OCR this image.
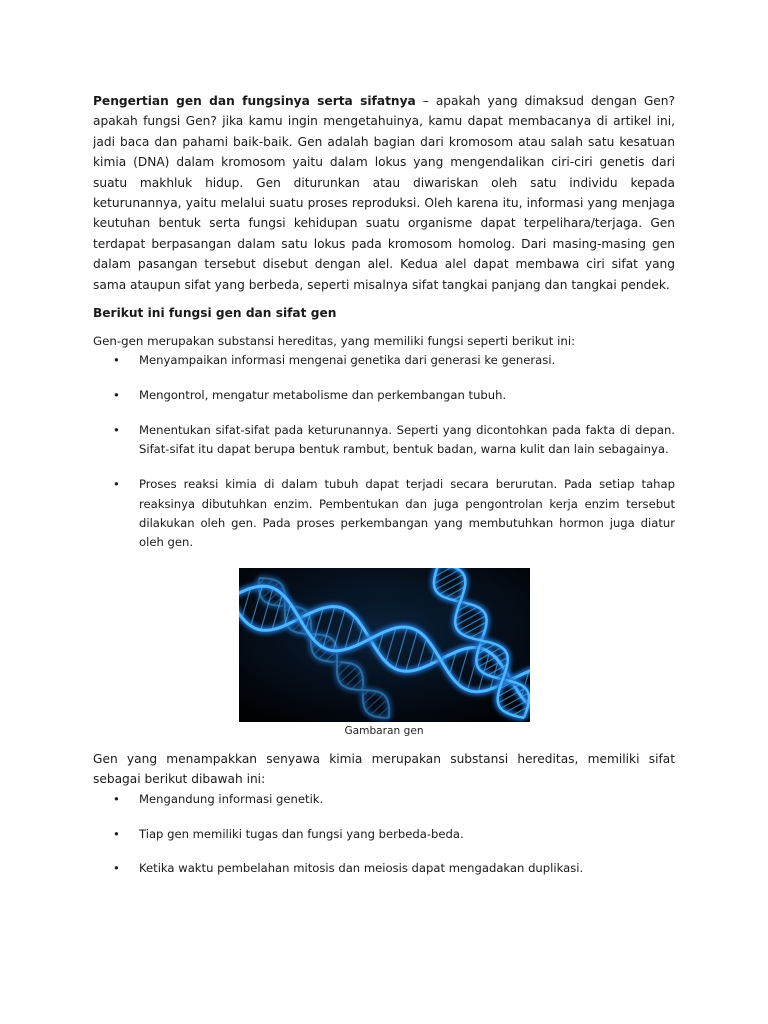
Pengertian gen dan fungsinya serta sifatnya – apakah yang dimaksud dengan Gen? apakah fungsi Gen? jika kamu ingin mengetahuinya, kamu dapat membacanya di artikel ini, jadi baca dan pahami baik-baik. Gen adalah bagian dari kromosom atau salah satu kesatuan kimia (DNA) dalam kromosom yaitu dalam lokus yang mengendalikan ciri-ciri genetis dari suatu makhluk hidup. Gen diturunkan atau diwariskan oleh satu individu kepada keturunannya, yaitu melalui suatu proses reproduksi. Oleh karena itu, informasi yang menjaga keutuhan bentuk serta fungsi kehidupan suatu organisme dapat terpelihara/terjaga. Gen terdapat berpasangan dalam satu lokus pada kromosom homolog. Dari masing-masing gen dalam pasangan tersebut disebut dengan alel. Kedua alel dapat membawa ciri sifat yang sama ataupun sifat yang berbeda, seperti misalnya sifat tangkai panjang dan tangkai pendek.

Berikut ini fungsi gen dan sifat gen

Gen-gen merupakan substansi hereditas, yang memiliki fungsi seperti berikut ini:

• Menyampaikan informasi mengenai genetika dari generasi ke generasi.
• Mengontrol, mengatur metabolisme dan perkembangan tubuh.
• Menentukan sifat-sifat pada keturunannya. Seperti yang dicontohkan pada fakta di depan. Sifat-sifat itu dapat berupa bentuk rambut, bentuk badan, warna kulit dan lain sebagainya.
• Proses reaksi kimia di dalam tubuh dapat terjadi secara berurutan. Pada setiap tahap reaksinya dibutuhkan enzim. Pembentukan dan juga pengontrolan kerja enzim tersebut dilakukan oleh gen. Pada proses perkembangan yang membutuhkan hormon juga diatur oleh gen.

Gambaran gen

Gen yang menampakkan senyawa kimia merupakan substansi hereditas, memiliki sifat sebagai berikut dibawah ini:

• Mengandung informasi genetik.
• Tiap gen memiliki tugas dan fungsi yang berbeda-beda.
• Ketika waktu pembelahan mitosis dan meiosis dapat mengadakan duplikasi.
